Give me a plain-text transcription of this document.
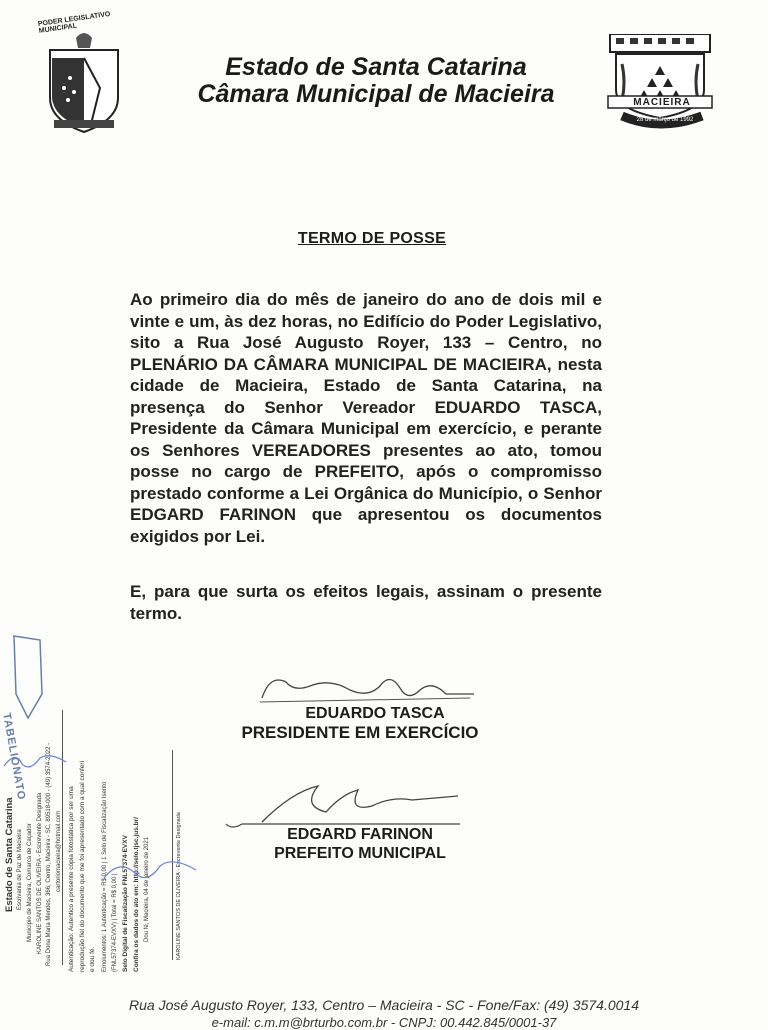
PODER LEGISLATIVO MUNICIPAL
Estado de Santa Catarina
Câmara Municipal de Macieira	MACIEIRA
28 de março de 1992
TERMO DE POSSE
Ao primeiro dia do mês de janeiro do ano de dois mil e vinte e um, às dez horas, no Edifício do Poder Legislativo, sito a Rua José Augusto Royer, 133 – Centro, no PLENÁRIO DA CÂMARA MUNICIPAL DE MACIEIRA, nesta cidade de Macieira, Estado de Santa Catarina, na presença do Senhor Vereador EDUARDO TASCA, Presidente da Câmara Municipal em exercício, e perante os Senhores VEREADORES presentes ao ato, tomou posse no cargo de PREFEITO, após o compromisso prestado conforme a Lei Orgânica do Município, o Senhor EDGARD FARINON que apresentou os documentos exigidos por Lei.
E, para que surta os efeitos legais, assinam o presente termo.
EDUARDO TASCA
PRESIDENTE EM EXERCÍCIO
EDGARD FARINON
PREFEITO MUNICIPAL
TABELIONATO
Estado de Santa Catarina Escrivania de Paz de Macieira Município de Macieira, Comarca de Caçador KAROLINE SANTOS DE OLIVEIRA - Escrevente Designada Rua Dona Maria Mendes, 366, Centro, Macieira - SC, 89518-000 - (49) 3574-2022 - cartoriomacieira@hotmail.com Autenticação: Autentico a presente cópia fotostática por ser uma reprodução fiel do documento que me foi apresentado com a qual conferi e dou fé. Emolumentos: 1 Autenticação = R$ 0,00 | 1 Selo de Fiscalização Isento (FNL57374-EVXV) | Total = R$ 0,00 | Selo Digital de Fiscalização FNL57374-EVXV Confira os dados do ato em: http://selo.tjsc.jus.br/ Dou fé, Macieira, 04 de janeiro de 2021	KAROLINE SANTOS DE OLIVEIRA - Escrevente Designada
Rua José Augusto Royer, 133, Centro – Macieira - SC - Fone/Fax: (49) 3574.0014
e-mail: c.m.m@brturbo.com.br - CNPJ: 00.442.845/0001-37
